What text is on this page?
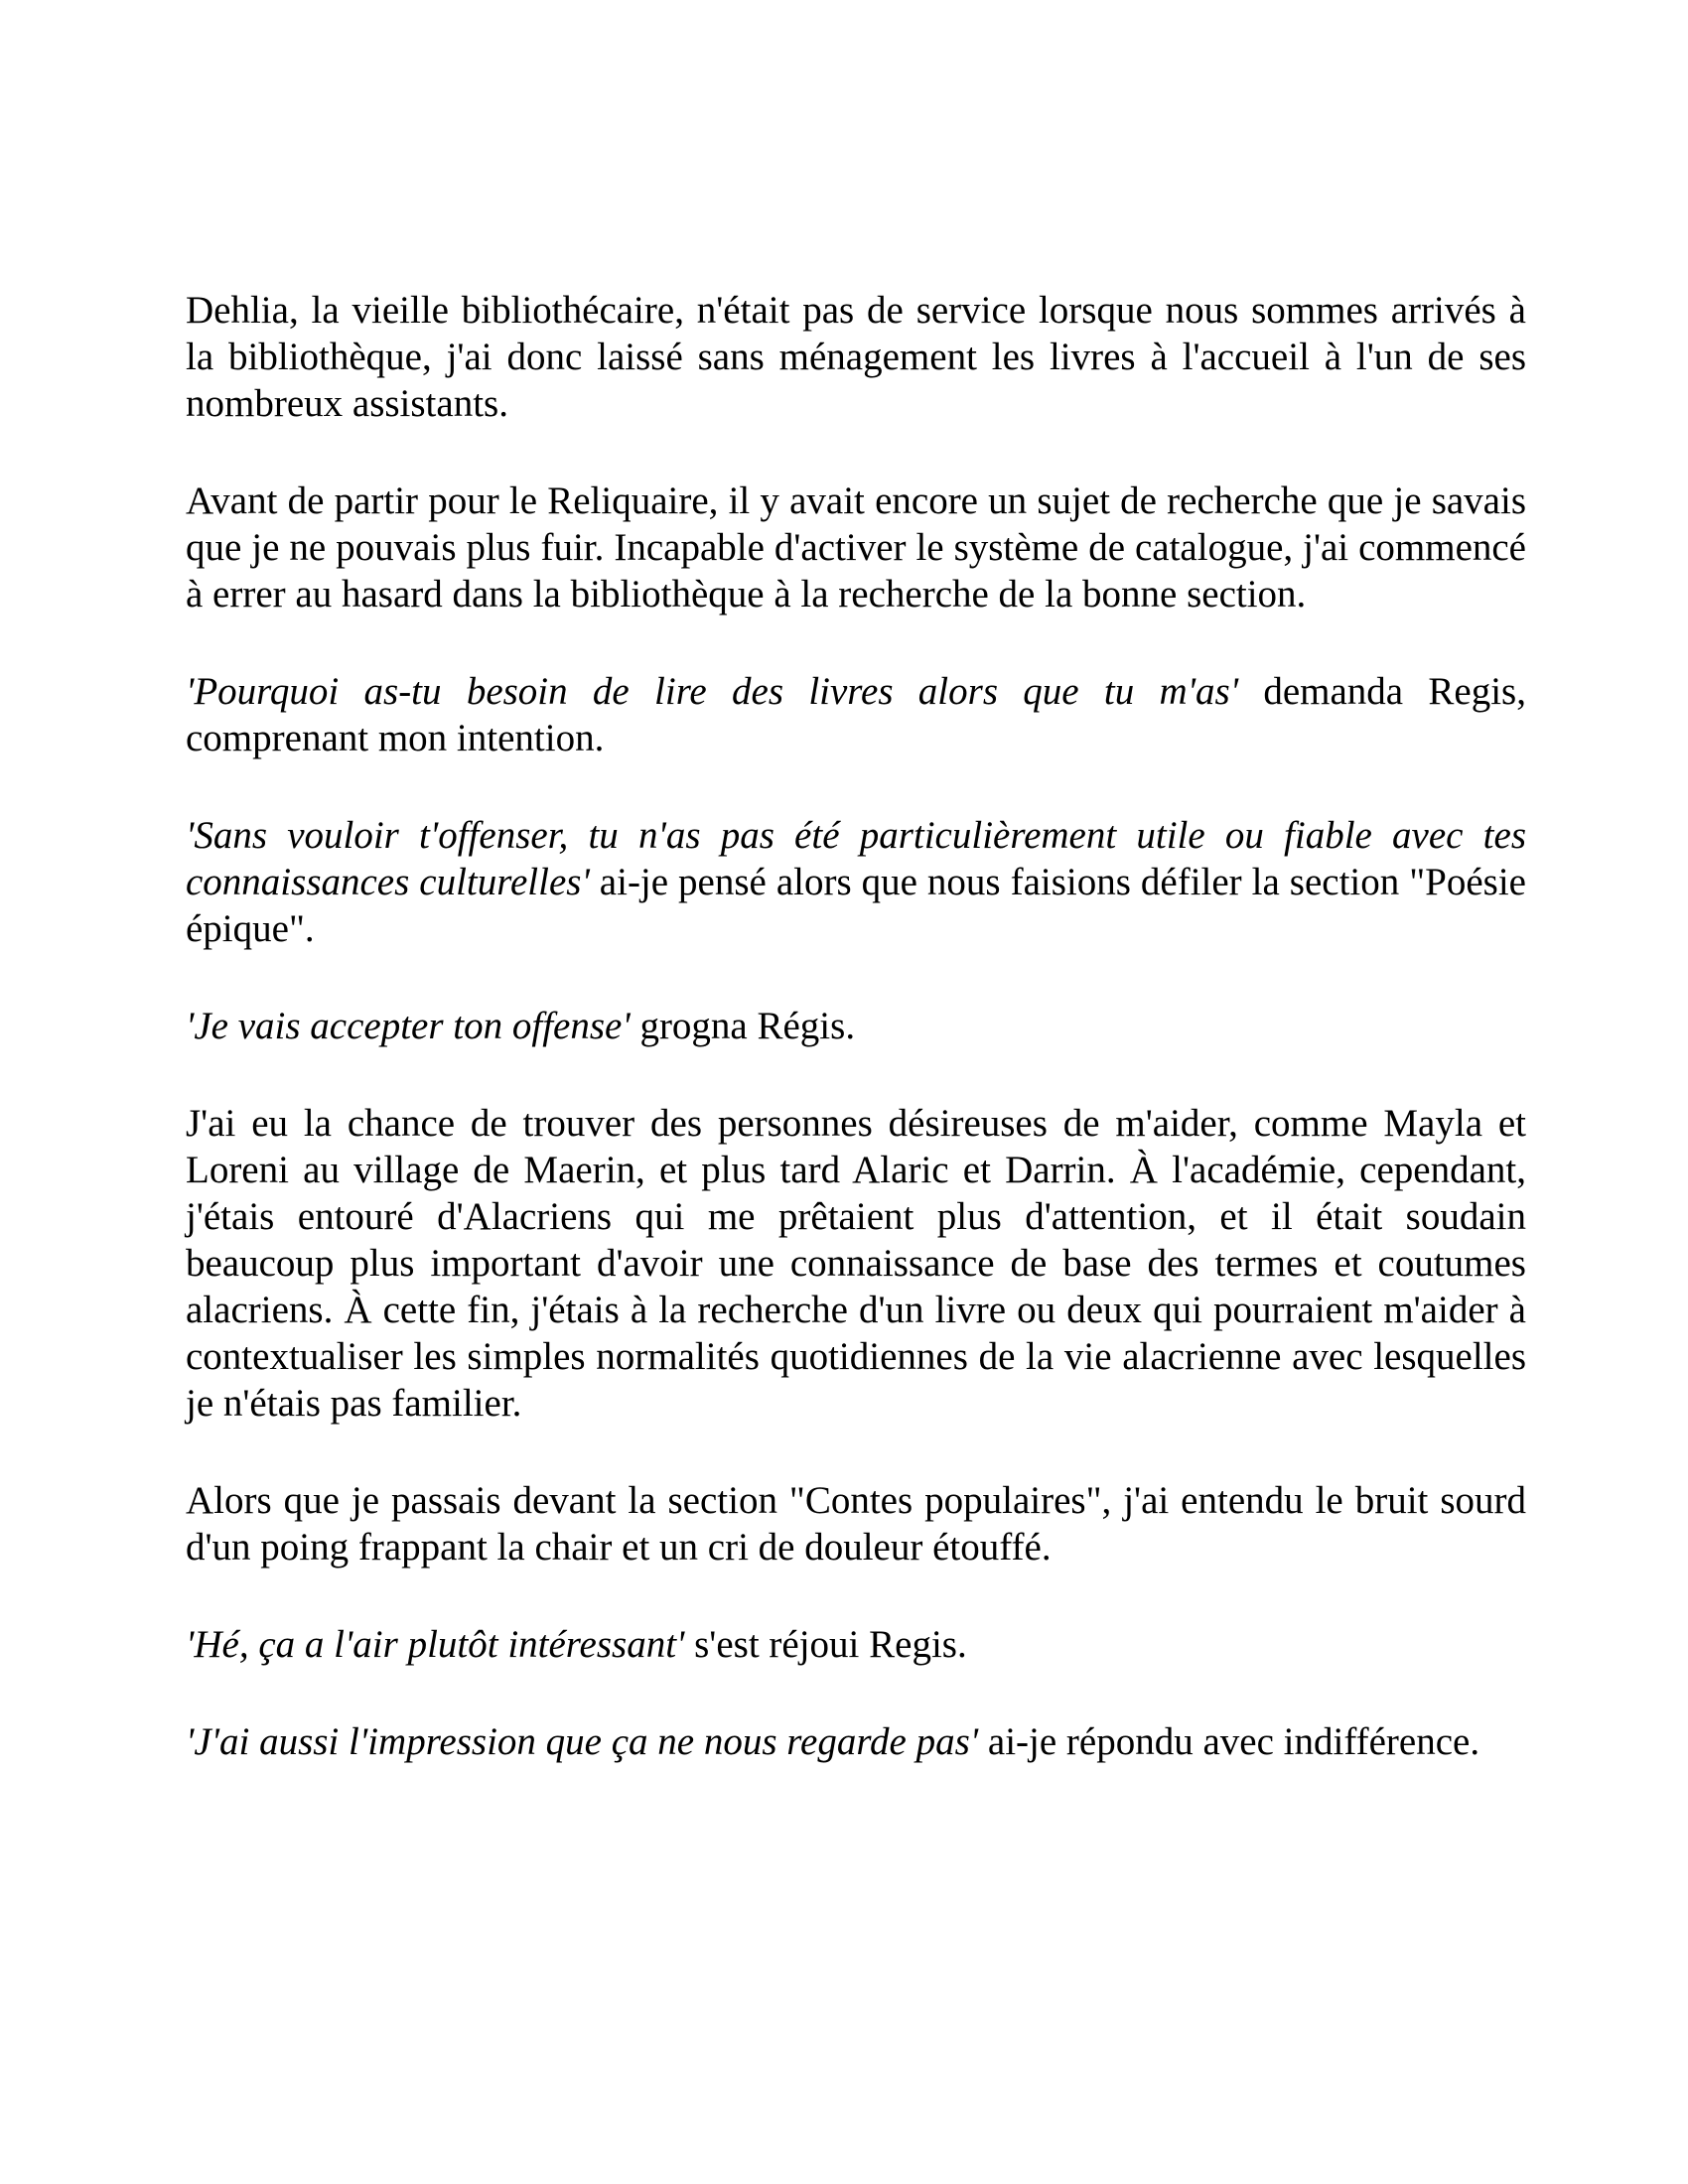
Dehlia, la vieille bibliothécaire, n'était pas de service lorsque nous sommes arrivés à la bibliothèque, j'ai donc laissé sans ménagement les livres à l'accueil à l'un de ses nombreux assistants.

Avant de partir pour le Reliquaire, il y avait encore un sujet de recherche que je savais que je ne pouvais plus fuir. Incapable d'activer le système de catalogue, j'ai commencé à errer au hasard dans la bibliothèque à la recherche de la bonne section.

'Pourquoi as-tu besoin de lire des livres alors que tu m'as' demanda Regis, comprenant mon intention.

'Sans vouloir t'offenser, tu n'as pas été particulièrement utile ou fiable avec tes connaissances culturelles' ai-je pensé alors que nous faisions défiler la section "Poésie épique".

'Je vais accepter ton offense' grogna Régis.

J'ai eu la chance de trouver des personnes désireuses de m'aider, comme Mayla et Loreni au village de Maerin, et plus tard Alaric et Darrin. À l'académie, cependant, j'étais entouré d'Alacriens qui me prêtaient plus d'attention, et il était soudain beaucoup plus important d'avoir une connaissance de base des termes et coutumes alacriens. À cette fin, j'étais à la recherche d'un livre ou deux qui pourraient m'aider à contextualiser les simples normalités quotidiennes de la vie alacrienne avec lesquelles je n'étais pas familier.

Alors que je passais devant la section "Contes populaires", j'ai entendu le bruit sourd d'un poing frappant la chair et un cri de douleur étouffé.

'Hé, ça a l'air plutôt intéressant' s'est réjoui Regis.

'J'ai aussi l'impression que ça ne nous regarde pas' ai-je répondu avec indifférence.
